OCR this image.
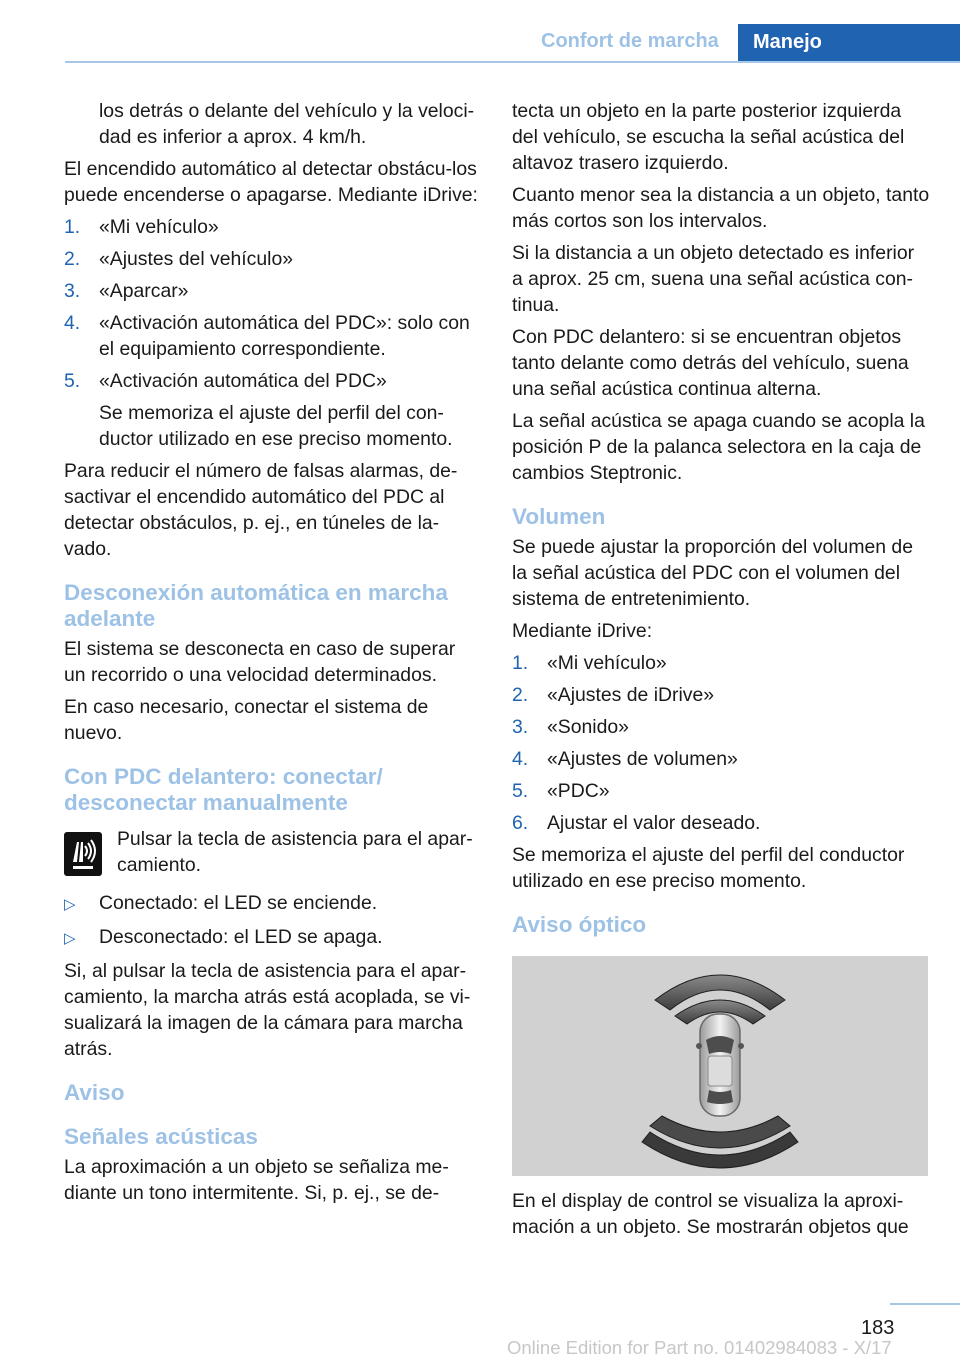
Confort de marcha	Manejo

los detrás o delante del vehículo y la veloci‐dad es inferior a aprox. 4 km/h.

El encendido automático al detectar obstácu‐los puede encenderse o apagarse. Mediante iDrive:

1. «Mi vehículo»
2. «Ajustes del vehículo»
3. «Aparcar»
4. «Activación automática del PDC»: solo con el equipamiento correspondiente.
5. «Activación automática del PDC»

Se memoriza el ajuste del perfil del con‐ductor utilizado en ese preciso momento.

Para reducir el número de falsas alarmas, de‐sactivar el encendido automático del PDC al detectar obstáculos, p. ej., en túneles de la‐vado.

Desconexión automática en marcha adelante

El sistema se desconecta en caso de superar un recorrido o una velocidad determinados.

En caso necesario, conectar el sistema de nuevo.

Con PDC delantero: conectar/ desconectar manualmente

Pulsar la tecla de asistencia para el apar‐camiento.

▷	Conectado: el LED se enciende.
▷	Desconectado: el LED se apaga.

Si, al pulsar la tecla de asistencia para el apar‐camiento, la marcha atrás está acoplada, se vi‐sualizará la imagen de la cámara para marcha atrás.

Aviso
Señales acústicas

La aproximación a un objeto se señaliza me‐diante un tono intermitente. Si, p. ej., se de‐

tecta un objeto en la parte posterior izquierda del vehículo, se escucha la señal acústica del altavoz trasero izquierdo.

Cuanto menor sea la distancia a un objeto, tanto más cortos son los intervalos.

Si la distancia a un objeto detectado es inferior a aprox. 25 cm, suena una señal acústica con‐tinua.

Con PDC delantero: si se encuentran objetos tanto delante como detrás del vehículo, suena una señal acústica continua alterna.

La señal acústica se apaga cuando se acopla la posición P de la palanca selectora en la caja de cambios Steptronic.

Volumen

Se puede ajustar la proporción del volumen de la señal acústica del PDC con el volumen del sistema de entretenimiento.

Mediante iDrive:

1. «Mi vehículo»
2. «Ajustes de iDrive»
3. «Sonido»
4. «Ajustes de volumen»
5. «PDC»
6. Ajustar el valor deseado.

Se memoriza el ajuste del perfil del conductor utilizado en ese preciso momento.

Aviso óptico

En el display de control se visualiza la aproxi‐mación a un objeto. Se mostrarán objetos que

183
Online Edition for Part no. 01402984083 - X/17
